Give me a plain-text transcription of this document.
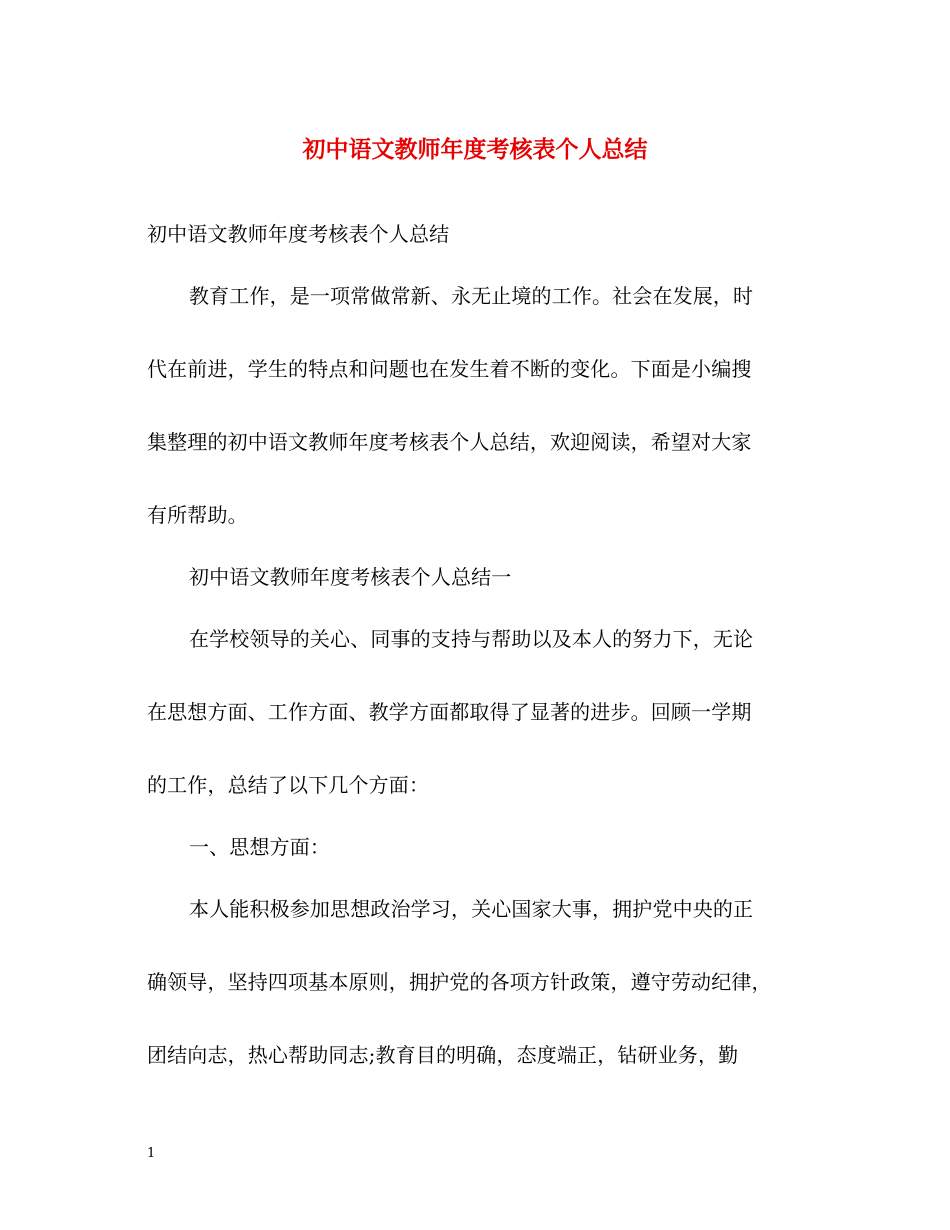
初中语文教师年度考核表个人总结
初中语文教师年度考核表个人总结
教育工作，是一项常做常新、永无止境的工作。社会在发展，时
代在前进，学生的特点和问题也在发生着不断的变化。下面是小编搜
集整理的初中语文教师年度考核表个人总结，欢迎阅读，希望对大家
有所帮助。
初中语文教师年度考核表个人总结一
在学校领导的关心、同事的支持与帮助以及本人的努力下，无论
在思想方面、工作方面、教学方面都取得了显著的进步。回顾一学期
的工作，总结了以下几个方面：
一、思想方面：
本人能积极参加思想政治学习，关心国家大事，拥护党中央的正
确领导，坚持四项基本原则，拥护党的各项方针政策，遵守劳动纪律，
团结向志，热心帮助同志;教育目的明确，态度端正，钻研业务，勤
1
